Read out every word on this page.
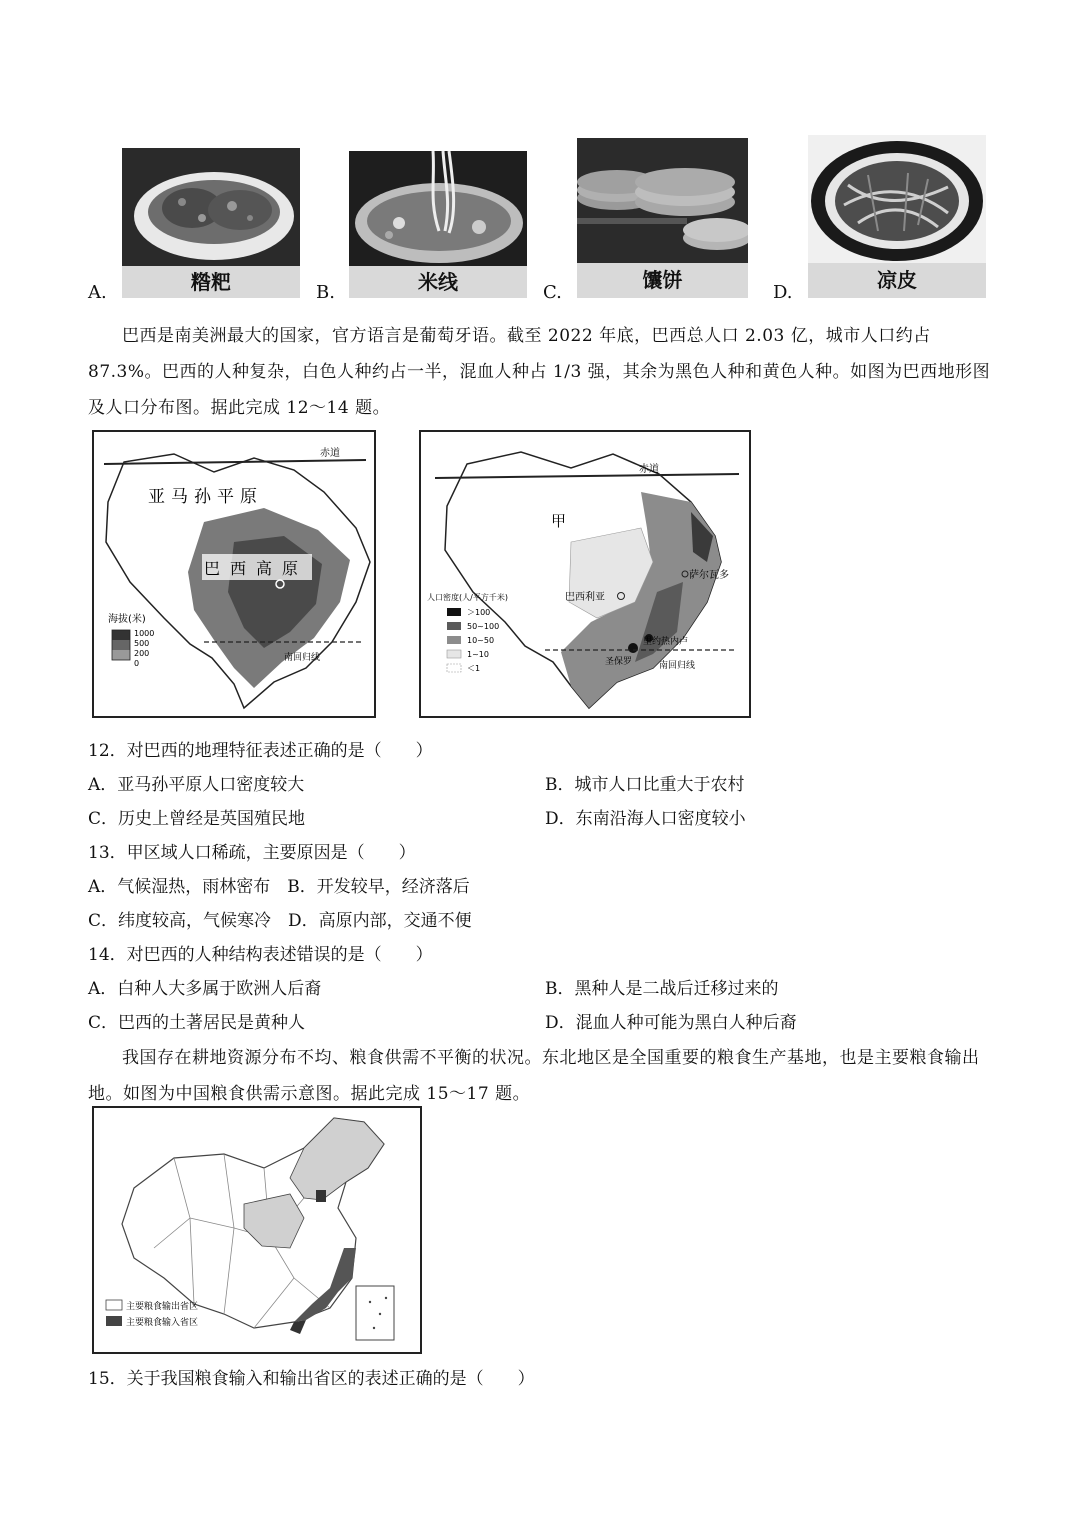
A.	糌粑	B.	米线	C.
馕饼
D.
凉皮
巴西是南美洲最大的国家，官方语言是葡萄牙语。截至 2022 年底，巴西总人口 2.03 亿，城市人口约占 87.3%。巴西的人种复杂，白色人种约占一半，混血人种占 1/3 强，其余为黑色人种和黄色人种。如图为巴西地形图及人口分布图。据此完成 12～14 题。
赤道
亚马孙平原
巴西高原
南回归线
海拔(米)
1000
500
200
0
赤道
甲
萨尔瓦多
巴西利亚
里约热内卢
圣保罗	南回归线
人口密度(人/平方千米)
＞100
50~100
10~50
1~10
＜1
12．对巴西的地理特征表述正确的是（　　）
A．亚马孙平原人口密度较大	B．城市人口比重大于农村
C．历史上曾经是英国殖民地	D．东南沿海人口密度较小
13．甲区域人口稀疏，主要原因是（　　）
A．气候湿热，雨林密布　B．开发较早，经济落后
C．纬度较高，气候寒冷　D．高原内部，交通不便
14．对巴西的人种结构表述错误的是（　　）
A．白种人大多属于欧洲人后裔	B．黑种人是二战后迁移过来的
C．巴西的土著居民是黄种人	D．混血人种可能为黑白人种后裔
我国存在耕地资源分布不均、粮食供需不平衡的状况。东北地区是全国重要的粮食生产基地，也是主要粮食输出地。如图为中国粮食供需示意图。据此完成 15～17 题。
主要粮食输出省区
主要粮食输入省区
15．关于我国粮食输入和输出省区的表述正确的是（　　）
